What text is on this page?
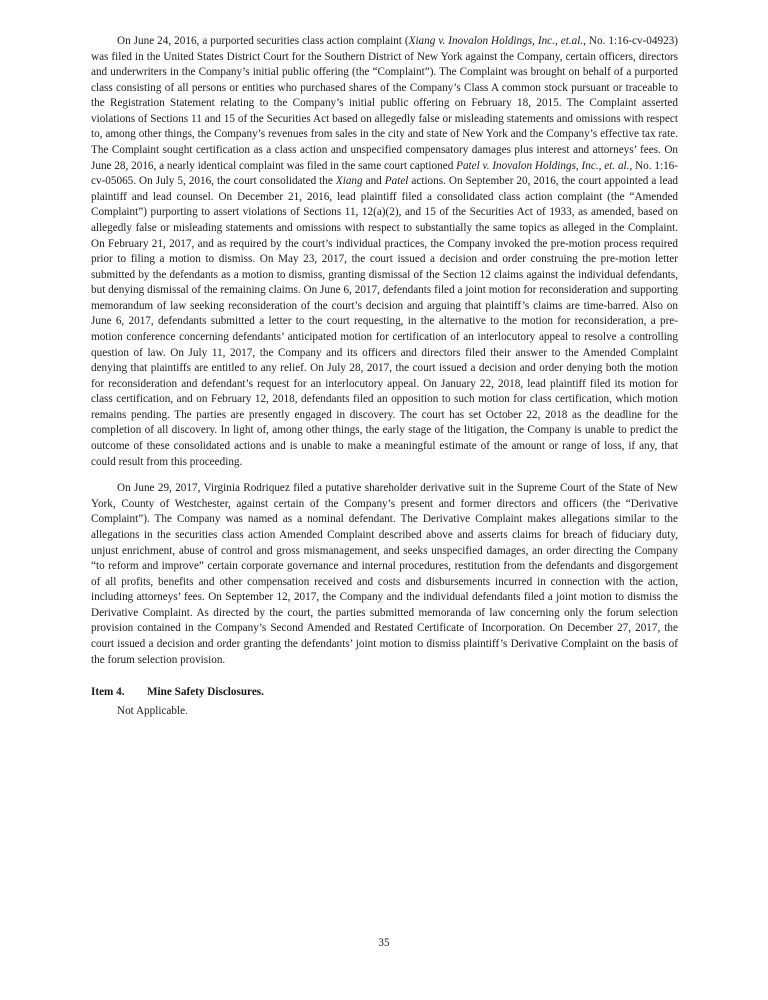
On June 24, 2016, a purported securities class action complaint (Xiang v. Inovalon Holdings, Inc., et.al., No. 1:16-cv-04923) was filed in the United States District Court for the Southern District of New York against the Company, certain officers, directors and underwriters in the Company’s initial public offering (the “Complaint”). The Complaint was brought on behalf of a purported class consisting of all persons or entities who purchased shares of the Company’s Class A common stock pursuant or traceable to the Registration Statement relating to the Company’s initial public offering on February 18, 2015. The Complaint asserted violations of Sections 11 and 15 of the Securities Act based on allegedly false or misleading statements and omissions with respect to, among other things, the Company’s revenues from sales in the city and state of New York and the Company’s effective tax rate. The Complaint sought certification as a class action and unspecified compensatory damages plus interest and attorneys’ fees. On June 28, 2016, a nearly identical complaint was filed in the same court captioned Patel v. Inovalon Holdings, Inc., et. al., No. 1:16-cv-05065. On July 5, 2016, the court consolidated the Xiang and Patel actions. On September 20, 2016, the court appointed a lead plaintiff and lead counsel. On December 21, 2016, lead plaintiff filed a consolidated class action complaint (the “Amended Complaint”) purporting to assert violations of Sections 11, 12(a)(2), and 15 of the Securities Act of 1933, as amended, based on allegedly false or misleading statements and omissions with respect to substantially the same topics as alleged in the Complaint. On February 21, 2017, and as required by the court’s individual practices, the Company invoked the pre-motion process required prior to filing a motion to dismiss. On May 23, 2017, the court issued a decision and order construing the pre-motion letter submitted by the defendants as a motion to dismiss, granting dismissal of the Section 12 claims against the individual defendants, but denying dismissal of the remaining claims. On June 6, 2017, defendants filed a joint motion for reconsideration and supporting memorandum of law seeking reconsideration of the court’s decision and arguing that plaintiff’s claims are time-barred. Also on June 6, 2017, defendants submitted a letter to the court requesting, in the alternative to the motion for reconsideration, a pre-motion conference concerning defendants’ anticipated motion for certification of an interlocutory appeal to resolve a controlling question of law. On July 11, 2017, the Company and its officers and directors filed their answer to the Amended Complaint denying that plaintiffs are entitled to any relief. On July 28, 2017, the court issued a decision and order denying both the motion for reconsideration and defendant’s request for an interlocutory appeal. On January 22, 2018, lead plaintiff filed its motion for class certification, and on February 12, 2018, defendants filed an opposition to such motion for class certification, which motion remains pending. The parties are presently engaged in discovery. The court has set October 22, 2018 as the deadline for the completion of all discovery. In light of, among other things, the early stage of the litigation, the Company is unable to predict the outcome of these consolidated actions and is unable to make a meaningful estimate of the amount or range of loss, if any, that could result from this proceeding.

On June 29, 2017, Virginia Rodriquez filed a putative shareholder derivative suit in the Supreme Court of the State of New York, County of Westchester, against certain of the Company’s present and former directors and officers (the “Derivative Complaint”). The Company was named as a nominal defendant. The Derivative Complaint makes allegations similar to the allegations in the securities class action Amended Complaint described above and asserts claims for breach of fiduciary duty, unjust enrichment, abuse of control and gross mismanagement, and seeks unspecified damages, an order directing the Company “to reform and improve” certain corporate governance and internal procedures, restitution from the defendants and disgorgement of all profits, benefits and other compensation received and costs and disbursements incurred in connection with the action, including attorneys’ fees. On September 12, 2017, the Company and the individual defendants filed a joint motion to dismiss the Derivative Complaint. As directed by the court, the parties submitted memoranda of law concerning only the forum selection provision contained in the Company’s Second Amended and Restated Certificate of Incorporation. On December 27, 2017, the court issued a decision and order granting the defendants’ joint motion to dismiss plaintiff’s Derivative Complaint on the basis of the forum selection provision.

Item 4.	Mine Safety Disclosures.
Not Applicable.
35
